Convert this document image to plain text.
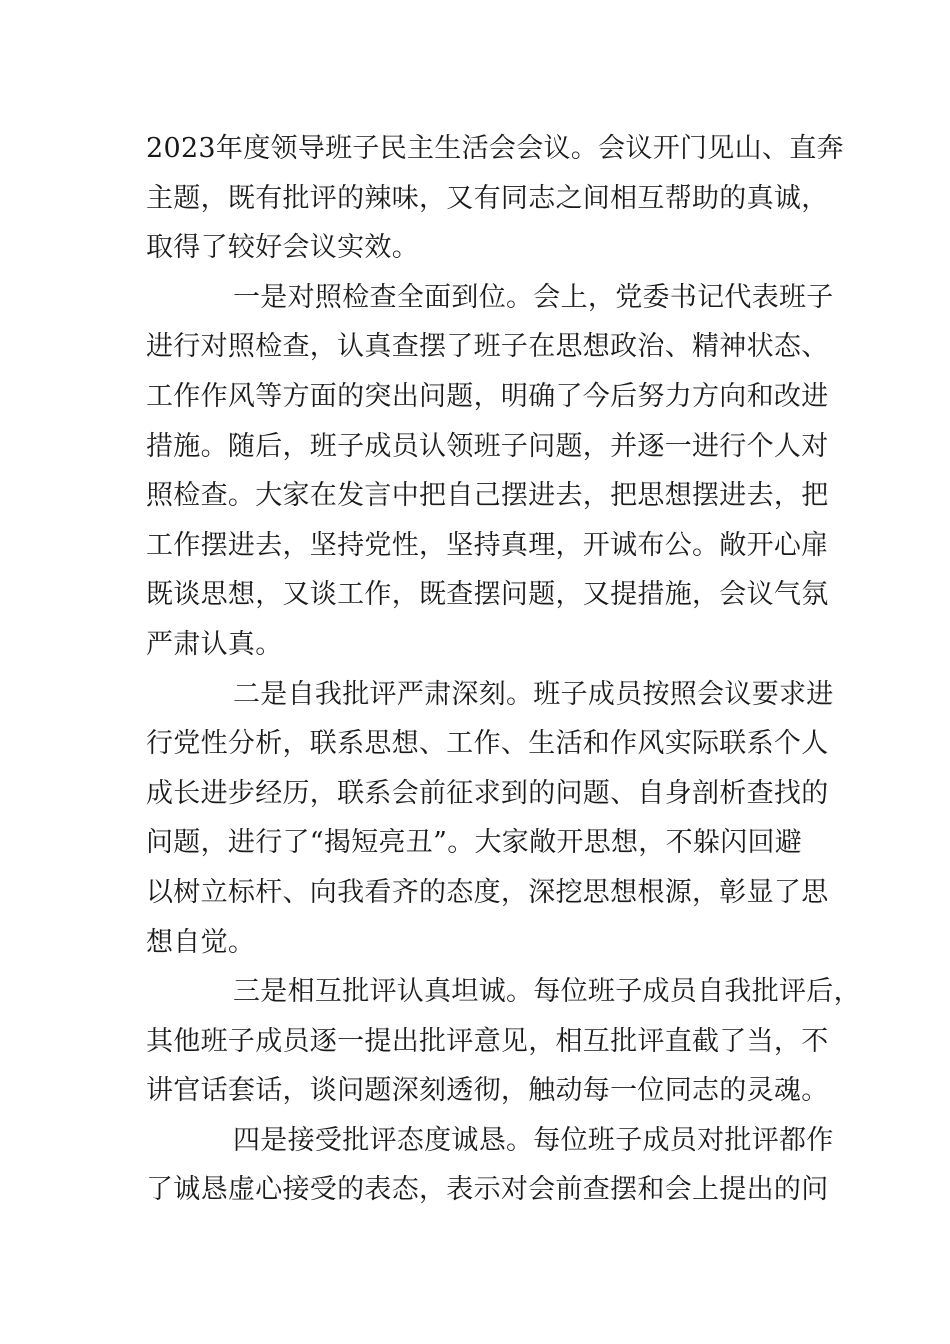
2023年度领导班子民主生活会会议。会议开门见山、直奔
主题，既有批评的辣味，又有同志之间相互帮助的真诚，
取得了较好会议实效。

一是对照检查全面到位。会上，党委书记代表班子
进行对照检查，认真查摆了班子在思想政治、精神状态、
工作作风等方面的突出问题，明确了今后努力方向和改进
措施。随后，班子成员认领班子问题，并逐一进行个人对
照检查。大家在发言中把自己摆进去，把思想摆进去，把
工作摆进去，坚持党性，坚持真理，开诚布公。敞开心扉
既谈思想，又谈工作，既查摆问题，又提措施，会议气氛
严肃认真。

二是自我批评严肃深刻。班子成员按照会议要求进
行党性分析，联系思想、工作、生活和作风实际联系个人
成长进步经历，联系会前征求到的问题、自身剖析查找的
问题，进行了“揭短亮丑”。大家敞开思想，不躲闪回避
以树立标杆、向我看齐的态度，深挖思想根源，彰显了思
想自觉。

三是相互批评认真坦诚。每位班子成员自我批评后，
其他班子成员逐一提出批评意见，相互批评直截了当，不
讲官话套话，谈问题深刻透彻，触动每一位同志的灵魂。

四是接受批评态度诚恳。每位班子成员对批评都作
了诚恳虚心接受的表态，表示对会前查摆和会上提出的问
